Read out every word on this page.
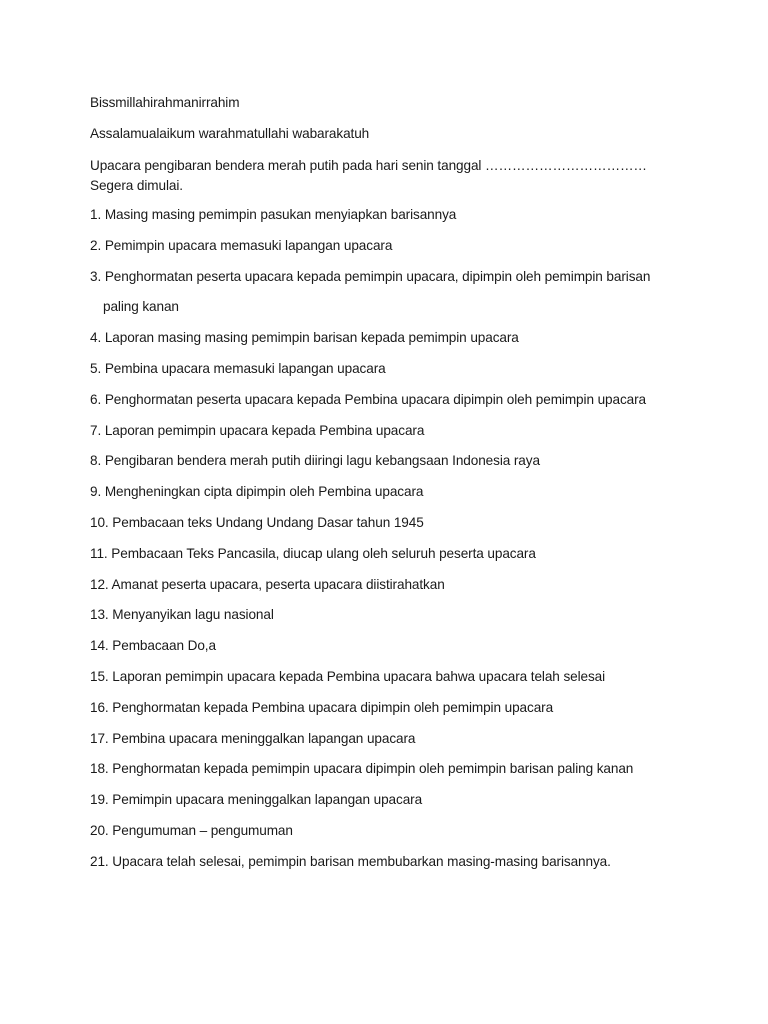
Bissmillahirahmanirrahim
Assalamualaikum warahmatullahi wabarakatuh
Upacara pengibaran bendera merah putih pada hari senin tanggal ……………………………… Segera dimulai.
1. Masing masing pemimpin pasukan menyiapkan barisannya
2. Pemimpin upacara memasuki lapangan upacara
3. Penghormatan peserta upacara kepada pemimpin upacara, dipimpin oleh pemimpin barisan
paling kanan
4. Laporan masing masing pemimpin barisan kepada pemimpin upacara
5. Pembina upacara memasuki lapangan upacara
6. Penghormatan peserta upacara kepada Pembina upacara dipimpin oleh pemimpin upacara
7. Laporan pemimpin upacara kepada Pembina upacara
8. Pengibaran bendera merah putih diiringi lagu kebangsaan Indonesia raya
9. Mengheningkan cipta dipimpin oleh Pembina upacara
10. Pembacaan teks Undang Undang Dasar tahun 1945
11. Pembacaan Teks Pancasila, diucap ulang oleh seluruh peserta upacara
12. Amanat peserta upacara, peserta upacara diistirahatkan
13. Menyanyikan lagu nasional
14. Pembacaan Do,a
15. Laporan pemimpin upacara kepada Pembina upacara bahwa upacara telah selesai
16. Penghormatan kepada Pembina upacara dipimpin oleh pemimpin upacara
17. Pembina upacara meninggalkan lapangan upacara
18. Penghormatan kepada pemimpin upacara dipimpin oleh pemimpin barisan paling kanan
19. Pemimpin upacara meninggalkan lapangan upacara
20. Pengumuman – pengumuman
21. Upacara telah selesai, pemimpin barisan membubarkan masing-masing barisannya.
